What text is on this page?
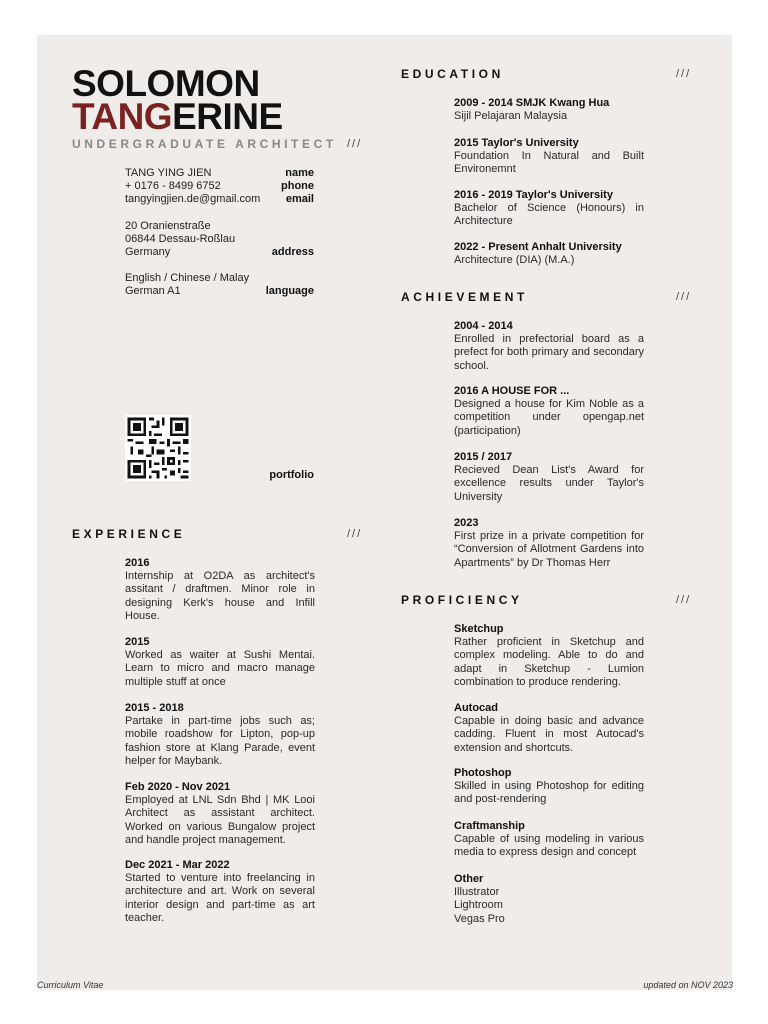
SOLOMON
TANGERINE
UNDERGRADUATE ARCHITECT ///
TANG YING JIEN	name
+ 0176 - 8499 6752	phone
tangyingjien.de@gmail.com email
20 Oranienstraße
06844 Dessau-Roßlau
Germany	address
English / Chinese / Malay
German A1	language
portfolio
EXPERIENCE	///
EDUCATION	///
ACHIEVEMENT	///
PROFICIENCY	///
2016
Internship at O2DA as architect's assitant / draftmen. Minor role in designing Kerk's house and Infill House.
2015
Worked as waiter at Sushi Mentai. Learn to micro and macro manage multiple stuff at once
2015 - 2018
Partake in part-time jobs such as; mobile roadshow for Lipton, pop-up fashion store at Klang Parade, event helper for Maybank.
Feb 2020 - Nov 2021
Employed at LNL Sdn Bhd | MK Looi Architect as assistant architect. Worked on various Bungalow project and handle project management.
Dec 2021 - Mar 2022
Started to venture into freelancing in architecture and art. Work on several interior design and part-time as art teacher.
2009 - 2014 SMJK Kwang Hua
Sijil Pelajaran Malaysia
2015 Taylor's University
Foundation In Natural and Built Environemnt
2016 - 2019 Taylor's University
Bachelor of Science (Honours) in Architecture
2022 - Present Anhalt University
Architecture (DIA) (M.A.)
2004 - 2014
Enrolled in prefectorial board as a prefect for both primary and secondary school.
2016 A HOUSE FOR ...
Designed a house for Kim Noble as a competition under opengap.net (participation)
2015 / 2017
Recieved Dean List's Award for excellence results under Taylor's University
2023
First prize in a private competition for “Conversion of Allotment Gardens into Apartments” by Dr Thomas Herr
Sketchup
Rather proficient in Sketchup and complex modeling. Able to do and adapt in Sketchup - Lumion combination to produce rendering.
Autocad
Capable in doing basic and advance cadding. Fluent in most Autocad's extension and shortcuts.
Photoshop
Skilled in using Photoshop for editing and post-rendering
Craftmanship
Capable of using modeling in various media to express design and concept
Other
Illustrator
Lightroom
Vegas Pro
Curriculum Vitae	updated on NOV 2023
